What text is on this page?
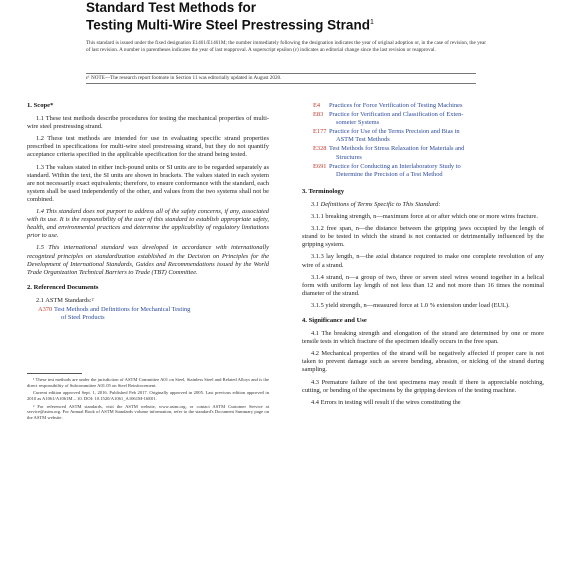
Standard Test Methods for
Testing Multi-Wire Steel Prestressing Strand$^1$
This standard is issued under the fixed designation E1461/E1461M; the number immediately following the designation indicates the year of original adoption or, in the case of revision, the year of last revision. A number in parentheses indicates the year of last reapproval. A superscript epsilon (ε) indicates an editorial change since the last revision or reapproval.
ε¹ NOTE—The research report footnote in Section 11 was editorially updated in August 2020.
1. Scope*

1.1 These test methods describe procedures for testing the mechanical properties of multi-wire steel prestressing strand.

1.2 These test methods are intended for use in evaluating specific strand properties prescribed in specifications for multi-wire steel prestressing strand, but they do not quantify acceptance criteria specified in the applicable specification for the strand being tested.

1.3 The values stated in either inch-pound units or SI units are to be regarded separately as standard. Within the text, the SI units are shown in brackets. The values stated in each system are not necessarily exact equivalents; therefore, to ensure conformance with the standard, each system shall be used independently of the other, and values from the two systems shall not be combined.

1.4 This standard does not purport to address all of the safety concerns, if any, associated with its use. It is the responsibility of the user of this standard to establish appropriate safety, health, and environmental practices and determine the applicability of regulatory limitations prior to use.

1.5 This international standard was developed in accordance with internationally recognized principles on standardization established in the Decision on Principles for the Development of International Standards, Guides and Recommendations issued by the World Trade Organization Technical Barriers to Trade (TBT) Committee.

2. Referenced Documents
2.1 ASTM Standards:²
A370 Test Methods and Definitions for Mechanical Testing
of Steel Products

¹ These test methods are under the jurisdiction of ASTM Committee A01 on Steel, Stainless Steel and Related Alloys and is the direct responsibility of Subcommittee A01.05 on Steel Reinforcement.

Current edition approved Sept. 1, 2016. Published Feb 2017. Originally approved in 2005. Last previous edition approved in 2010 as A1061/A1061M – 10. DOI: 10.1520/A1061_A1061M-16E01.

² For referenced ASTM standards, visit the ASTM website, www.astm.org, or contact ASTM Customer Service at service@astm.org. For Annual Book of ASTM Standards volume information, refer to the standard's Document Summary page on the ASTM website.

E4	Practices for Force Verification of Testing Machines
E83 Practice for Verification and Classification of Exten-
someter Systems
E177 Practice for Use of the Terms Precision and Bias in
ASTM Test Methods
E328 Test Methods for Stress Relaxation for Materials and
Structures
E691 Practice for Conducting an Interlaboratory Study to
Determine the Precision of a Test Method
3. Terminology

3.1 Definitions of Terms Specific to This Standard:

3.1.1 breaking strength, n—maximum force at or after which one or more wires fracture.

3.1.2 free span, n—the distance between the gripping jaws occupied by the length of strand to be tested in which the strand is not contacted or detrimentally influenced by the gripping system.

3.1.3 lay length, n—the axial distance required to make one complete revolution of any wire of a strand.

3.1.4 strand, n—a group of two, three or seven steel wires wound together in a helical form with uniform lay length of not less than 12 and not more than 16 times the nominal diameter of the strand.

3.1.5 yield strength, n—measured force at 1.0 % extension under load (EUL).

4. Significance and Use

4.1 The breaking strength and elongation of the strand are determined by one or more tensile tests in which fracture of the specimen ideally occurs in the free span.

4.2 Mechanical properties of the strand will be negatively affected if proper care is not taken to prevent damage such as severe bending, abrasion, or nicking of the strand during sampling.

4.3 Premature failure of the test specimens may result if there is appreciable notching, cutting, or bending of the specimens by the gripping devices of the testing machine.

4.4 Errors in testing will result if the wires constituting the
